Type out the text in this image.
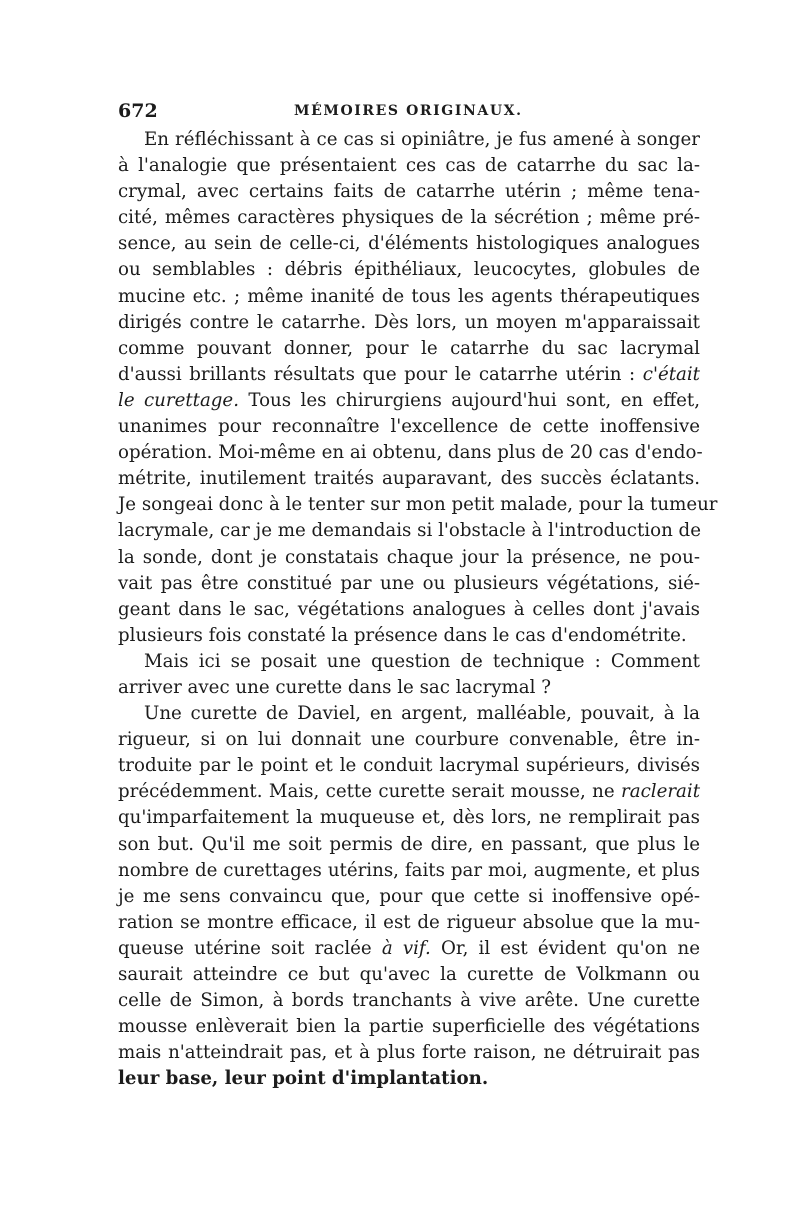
672	MÉMOIRES ORIGINAUX.
En réfléchissant à ce cas si opiniâtre, je fus amené à songer
à l'analogie que présentaient ces cas de catarrhe du sac la-
crymal, avec certains faits de catarrhe utérin ; même tena-
cité, mêmes caractères physiques de la sécrétion ; même pré-
sence, au sein de celle-ci, d'éléments histologiques analogues
ou semblables : débris épithéliaux, leucocytes, globules de
mucine etc. ; même inanité de tous les agents thérapeutiques
dirigés contre le catarrhe. Dès lors, un moyen m'apparaissait
comme pouvant donner, pour le catarrhe du sac lacrymal
d'aussi brillants résultats que pour le catarrhe utérin : c'était
le curettage. Tous les chirurgiens aujourd'hui sont, en effet,
unanimes pour reconnaître l'excellence de cette inoffensive
opération. Moi-même en ai obtenu, dans plus de 20 cas d'endo-
métrite, inutilement traités auparavant, des succès éclatants.
Je songeai donc à le tenter sur mon petit malade, pour la tumeur
lacrymale, car je me demandais si l'obstacle à l'introduction de
la sonde, dont je constatais chaque jour la présence, ne pou-
vait pas être constitué par une ou plusieurs végétations, sié-
geant dans le sac, végétations analogues à celles dont j'avais
plusieurs fois constaté la présence dans le cas d'endométrite.
Mais ici se posait une question de technique : Comment
arriver avec une curette dans le sac lacrymal ?
Une curette de Daviel, en argent, malléable, pouvait, à la
rigueur, si on lui donnait une courbure convenable, être in-
troduite par le point et le conduit lacrymal supérieurs, divisés
précédemment. Mais, cette curette serait mousse, ne raclerait
qu'imparfaitement la muqueuse et, dès lors, ne remplirait pas
son but. Qu'il me soit permis de dire, en passant, que plus le
nombre de curettages utérins, faits par moi, augmente, et plus
je me sens convaincu que, pour que cette si inoffensive opé-
ration se montre efficace, il est de rigueur absolue que la mu-
queuse utérine soit raclée à vif. Or, il est évident qu'on ne
saurait atteindre ce but qu'avec la curette de Volkmann ou
celle de Simon, à bords tranchants à vive arête. Une curette
mousse enlèverait bien la partie superficielle des végétations
mais n'atteindrait pas, et à plus forte raison, ne détruirait pas
leur base, leur point d'implantation.
